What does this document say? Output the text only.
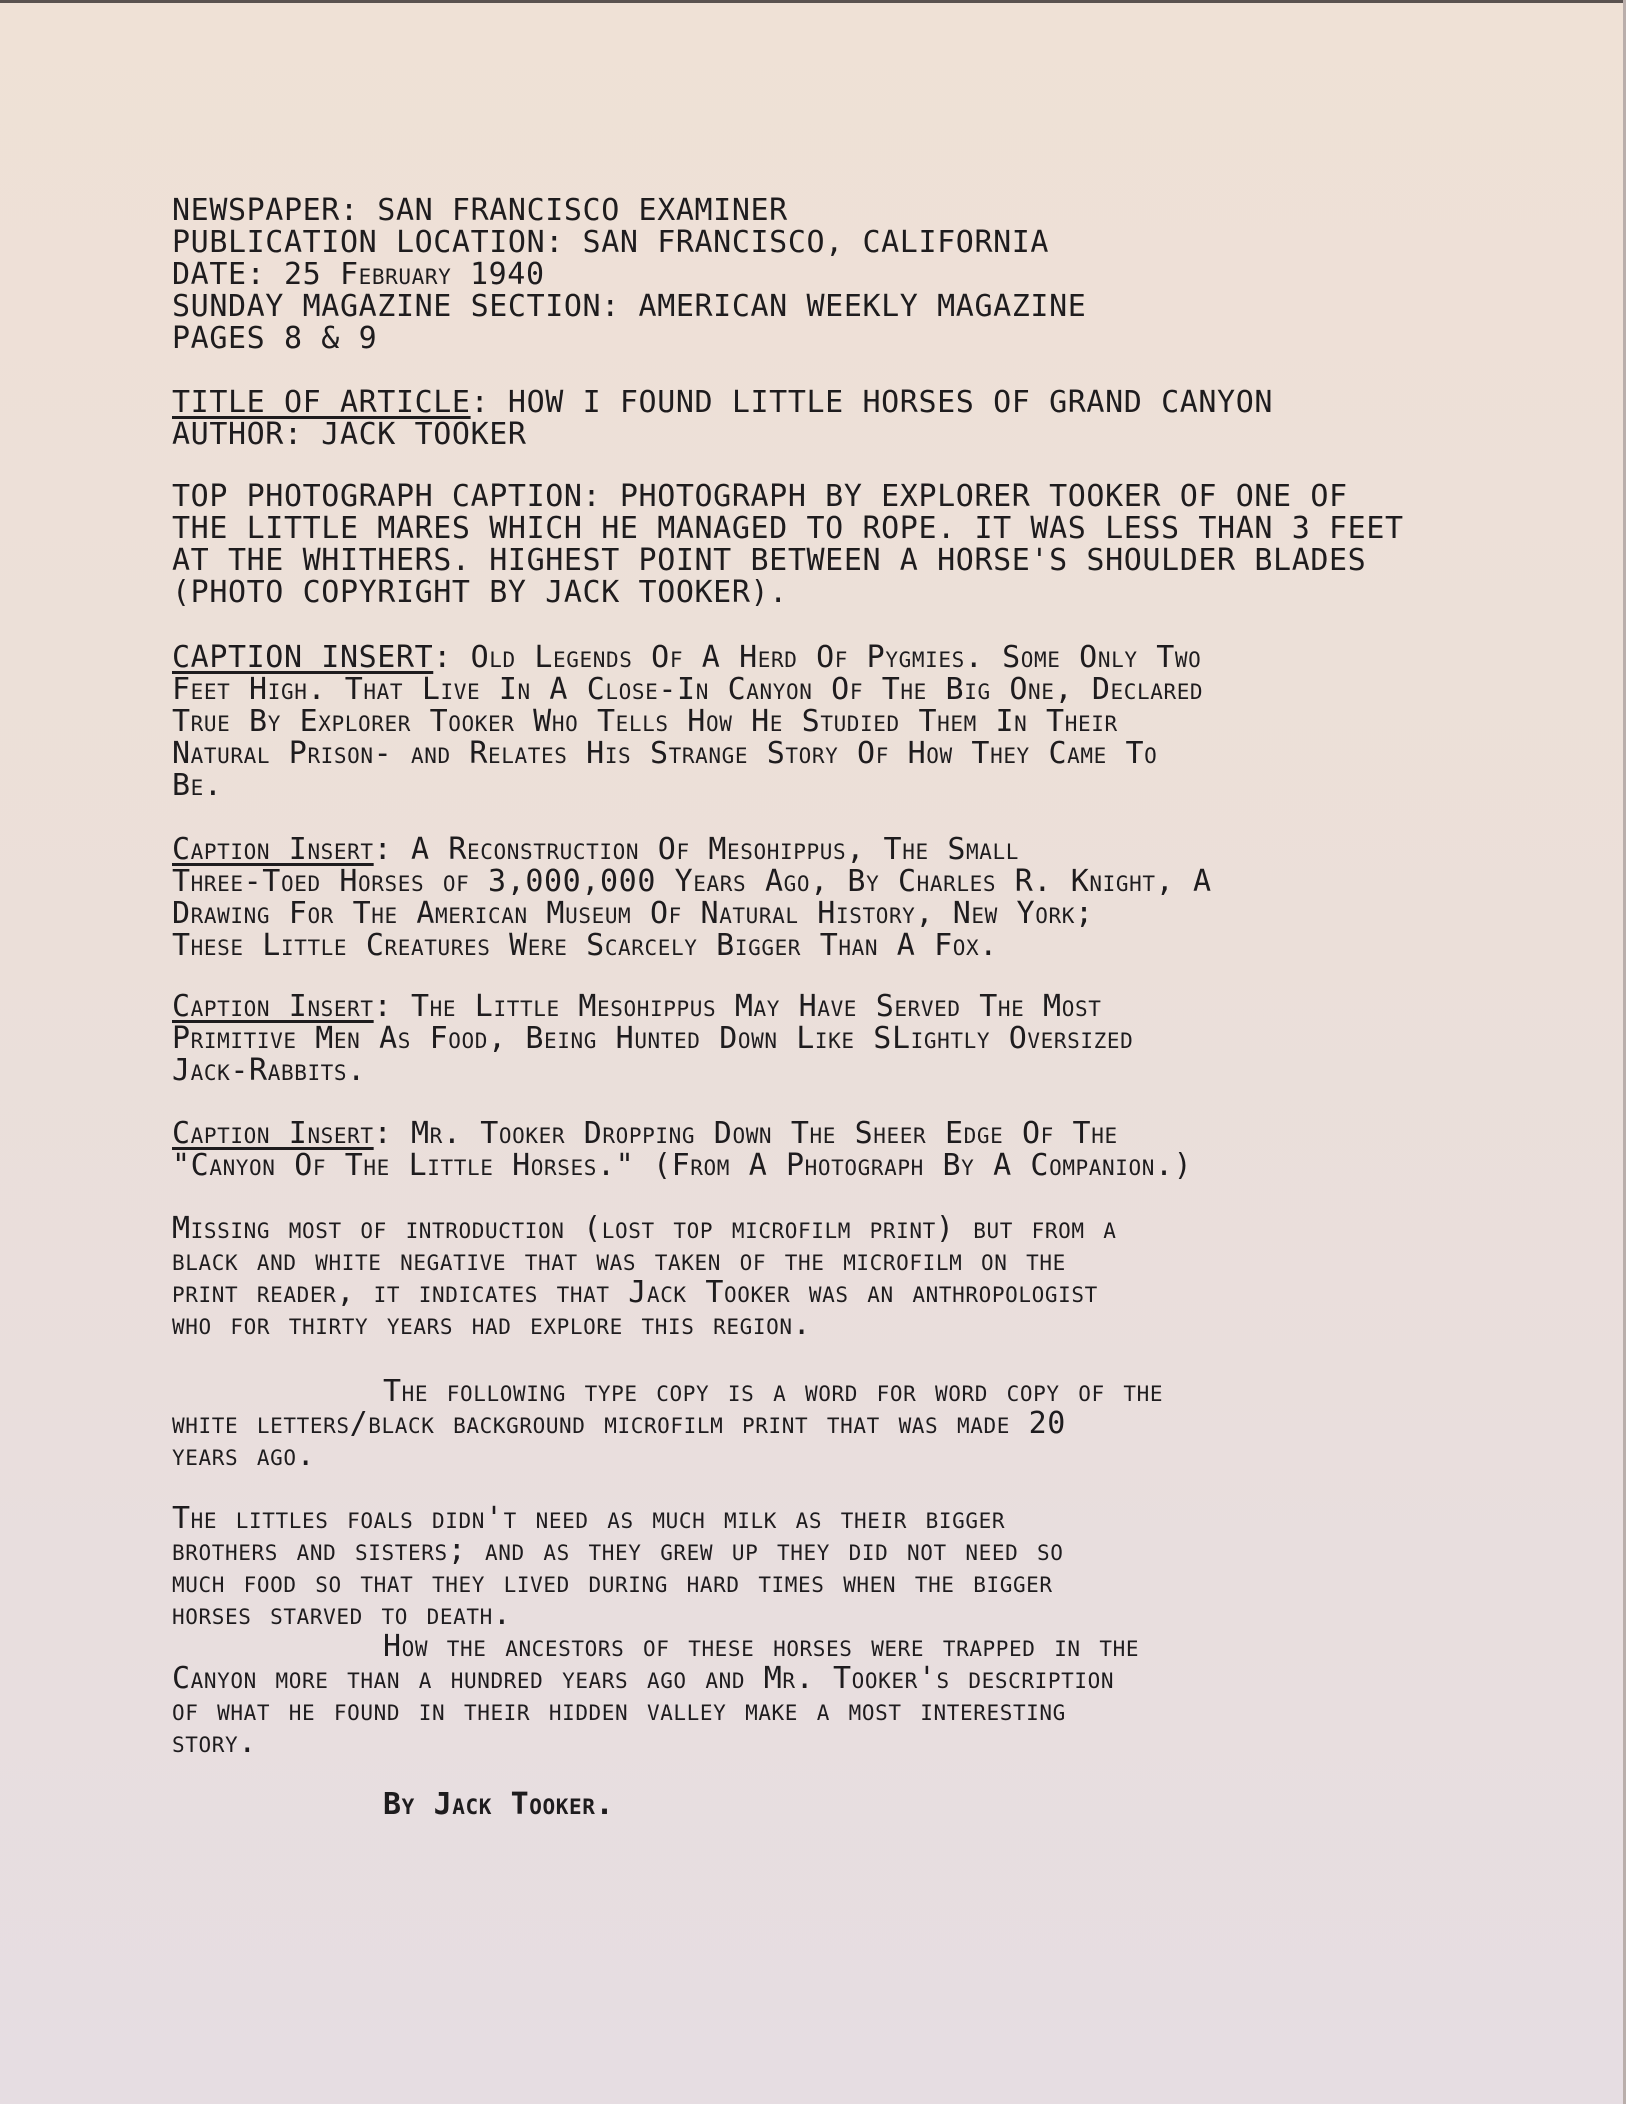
NEWSPAPER: SAN FRANCISCO EXAMINER
PUBLICATION LOCATION: SAN FRANCISCO, CALIFORNIA
DATE: 25 February 1940
SUNDAY MAGAZINE SECTION: AMERICAN WEEKLY MAGAZINE
PAGES 8 & 9
TITLE OF ARTICLE: HOW I FOUND LITTLE HORSES OF GRAND CANYON
AUTHOR: JACK TOOKER
TOP PHOTOGRAPH CAPTION: PHOTOGRAPH BY EXPLORER TOOKER OF ONE OF
THE LITTLE MARES WHICH HE MANAGED TO ROPE. IT WAS LESS THAN 3 FEET
AT THE WHITHERS. HIGHEST POINT BETWEEN A HORSE'S SHOULDER BLADES
(PHOTO COPYRIGHT BY JACK TOOKER).
CAPTION INSERT: Old Legends Of A Herd Of Pygmies. Some Only Two
Feet High. That Live In A Close-In Canyon Of The Big One, Declared
True By Explorer Tooker Who Tells How He Studied Them In Their
Natural Prison- and Relates His Strange Story Of How They Came To
Be.
Caption Insert: A Reconstruction Of Mesohippus, The Small
Three-Toed Horses of 3,000,000 Years Ago, By Charles R. Knight, A
Drawing For The American Museum Of Natural History, New York;
These Little Creatures Were Scarcely Bigger Than A Fox.
Caption Insert: The Little Mesohippus May Have Served The Most
Primitive Men As Food, Being Hunted Down Like SLightly Oversized
Jack-Rabbits.
Caption Insert: Mr. Tooker Dropping Down The Sheer Edge Of The
"Canyon Of The Little Horses." (From A Photograph By A Companion.)
Missing most of introduction (lost top microfilm print) but from a
black and white negative that was taken of the microfilm on the
print reader, it indicates that Jack Tooker was an anthropologist
who for thirty years had explore this region.
The following type copy is a word for word copy of the
white letters/black background microfilm print that was made 20
years ago.
The littles foals didn't need as much milk as their bigger
brothers and sisters; and as they grew up they did not need so
much food so that they lived during hard times when the bigger
horses starved to death.
How the ancestors of these horses were trapped in the
Canyon more than a hundred years ago and Mr. Tooker's description
of what he found in their hidden valley make a most interesting
story.
By Jack Tooker.
